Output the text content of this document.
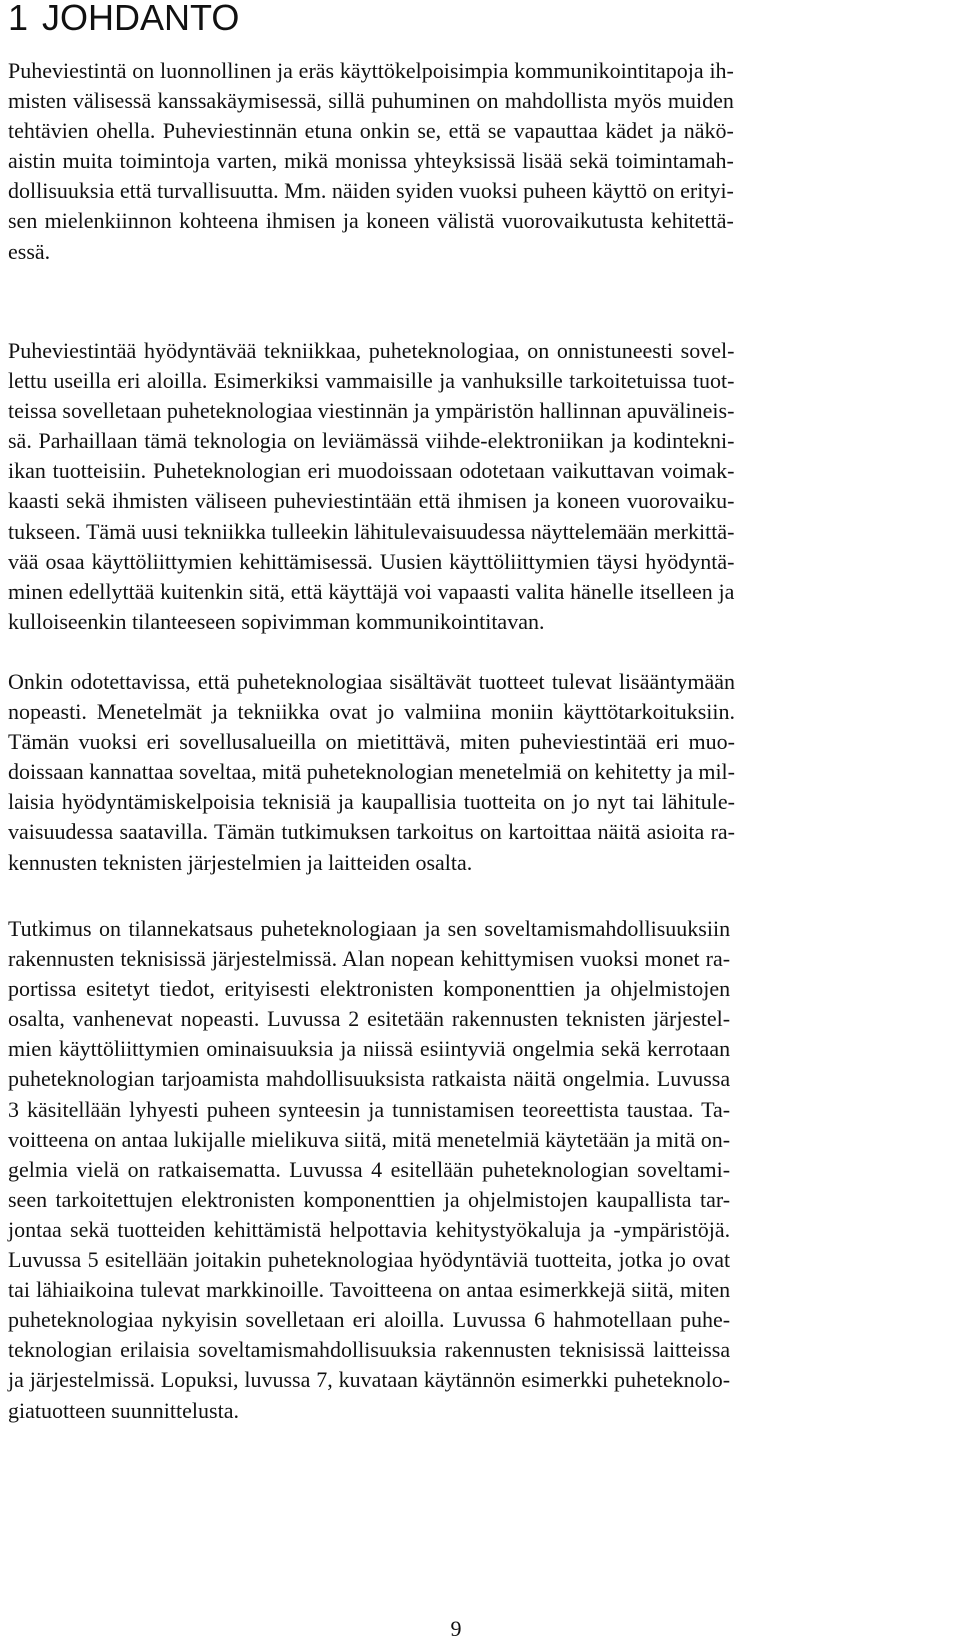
1 JOHDANTO
Puheviestintä on luonnollinen ja eräs käyttökelpoisimpia kommunikointitapoja ih-
misten välisessä kanssakäymisessä, sillä puhuminen on mahdollista myös muiden
tehtävien ohella. Puheviestinnän etuna onkin se, että se vapauttaa kädet ja näkö-
aistin muita toimintoja varten, mikä monissa yhteyksissä lisää sekä toimintamah-
dollisuuksia että turvallisuutta. Mm. näiden syiden vuoksi puheen käyttö on erityi-
sen mielenkiinnon kohteena ihmisen ja koneen välistä vuorovaikutusta kehitettä-
essä.
Puheviestintää hyödyntävää tekniikkaa, puheteknologiaa, on onnistuneesti sovel-
lettu useilla eri aloilla. Esimerkiksi vammaisille ja vanhuksille tarkoitetuissa tuot-
teissa sovelletaan puheteknologiaa viestinnän ja ympäristön hallinnan apuvälineis-
sä. Parhaillaan tämä teknologia on leviämässä viihde-elektroniikan ja kodintekni-
ikan tuotteisiin. Puheteknologian eri muodoissaan odotetaan vaikuttavan voimak-
kaasti sekä ihmisten väliseen puheviestintään että ihmisen ja koneen vuorovaiku-
tukseen. Tämä uusi tekniikka tulleekin lähitulevaisuudessa näyttelemään merkittä-
vää osaa käyttöliittymien kehittämisessä. Uusien käyttöliittymien täysi hyödyntä-
minen edellyttää kuitenkin sitä, että käyttäjä voi vapaasti valita hänelle itselleen ja
kulloiseenkin tilanteeseen sopivimman kommunikointitavan.
Onkin odotettavissa, että puheteknologiaa sisältävät tuotteet tulevat lisääntymään
nopeasti. Menetelmät ja tekniikka ovat jo valmiina moniin käyttötarkoituksiin.
Tämän vuoksi eri sovellusalueilla on mietittävä, miten puheviestintää eri muo-
doissaan kannattaa soveltaa, mitä puheteknologian menetelmiä on kehitetty ja mil-
laisia hyödyntämiskelpoisia teknisiä ja kaupallisia tuotteita on jo nyt tai lähitule-
vaisuudessa saatavilla. Tämän tutkimuksen tarkoitus on kartoittaa näitä asioita ra-
kennusten teknisten järjestelmien ja laitteiden osalta.
Tutkimus on tilannekatsaus puheteknologiaan ja sen soveltamismahdollisuuksiin
rakennusten teknisissä järjestelmissä. Alan nopean kehittymisen vuoksi monet ra-
portissa esitetyt tiedot, erityisesti elektronisten komponenttien ja ohjelmistojen
osalta, vanhenevat nopeasti. Luvussa 2 esitetään rakennusten teknisten järjestel-
mien käyttöliittymien ominaisuuksia ja niissä esiintyviä ongelmia sekä kerrotaan
puheteknologian tarjoamista mahdollisuuksista ratkaista näitä ongelmia. Luvussa
3 käsitellään lyhyesti puheen synteesin ja tunnistamisen teoreettista taustaa. Ta-
voitteena on antaa lukijalle mielikuva siitä, mitä menetelmiä käytetään ja mitä on-
gelmia vielä on ratkaisematta. Luvussa 4 esitellään puheteknologian soveltami-
seen tarkoitettujen elektronisten komponenttien ja ohjelmistojen kaupallista tar-
jontaa sekä tuotteiden kehittämistä helpottavia kehitystyökaluja ja -ympäristöjä.
Luvussa 5 esitellään joitakin puheteknologiaa hyödyntäviä tuotteita, jotka jo ovat
tai lähiaikoina tulevat markkinoille. Tavoitteena on antaa esimerkkejä siitä, miten
puheteknologiaa nykyisin sovelletaan eri aloilla. Luvussa 6 hahmotellaan puhe-
teknologian erilaisia soveltamismahdollisuuksia rakennusten teknisissä laitteissa
ja järjestelmissä. Lopuksi, luvussa 7, kuvataan käytännön esimerkki puheteknolo-
giatuotteen suunnittelusta.
9
